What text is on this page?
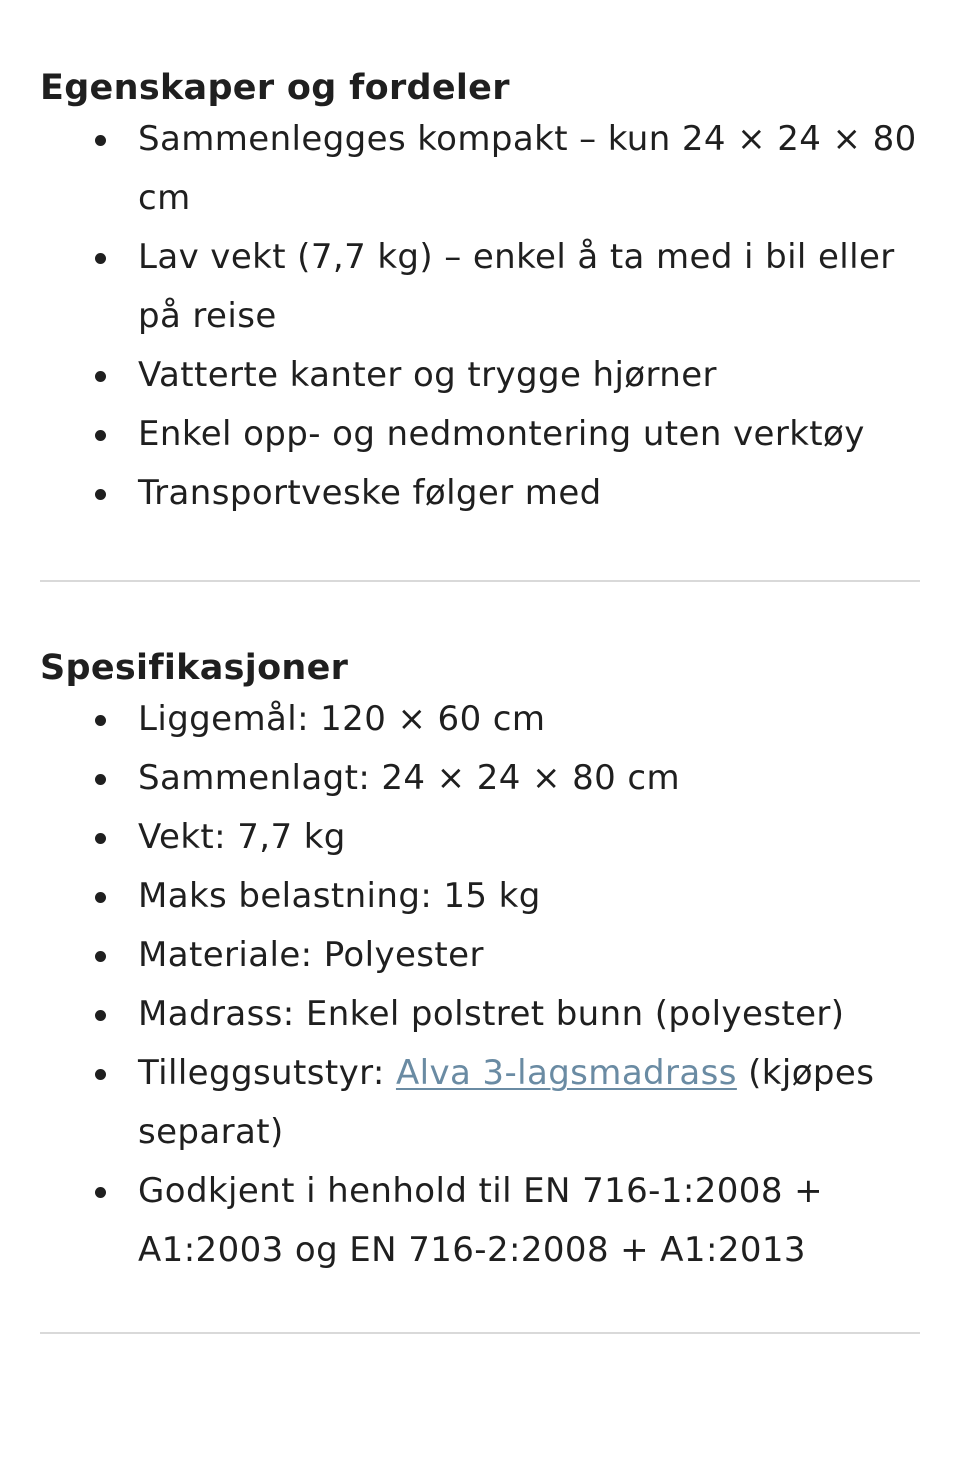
Egenskaper og fordeler
Sammenlegges kompakt – kun 24 × 24 × 80 cm
Lav vekt (7,7 kg) – enkel å ta med i bil eller på reise
Vatterte kanter og trygge hjørner
Enkel opp- og nedmontering uten verktøy
Transportveske følger med
Spesifikasjoner
Liggemål: 120 × 60 cm
Sammenlagt: 24 × 24 × 80 cm
Vekt: 7,7 kg
Maks belastning: 15 kg
Materiale: Polyester
Madrass: Enkel polstret bunn (polyester)
Tilleggsutstyr: Alva 3-lagsmadrass (kjøpes separat)
Godkjent i henhold til EN 716-1:2008 + A1:2003 og EN 716-2:2008 + A1:2013
